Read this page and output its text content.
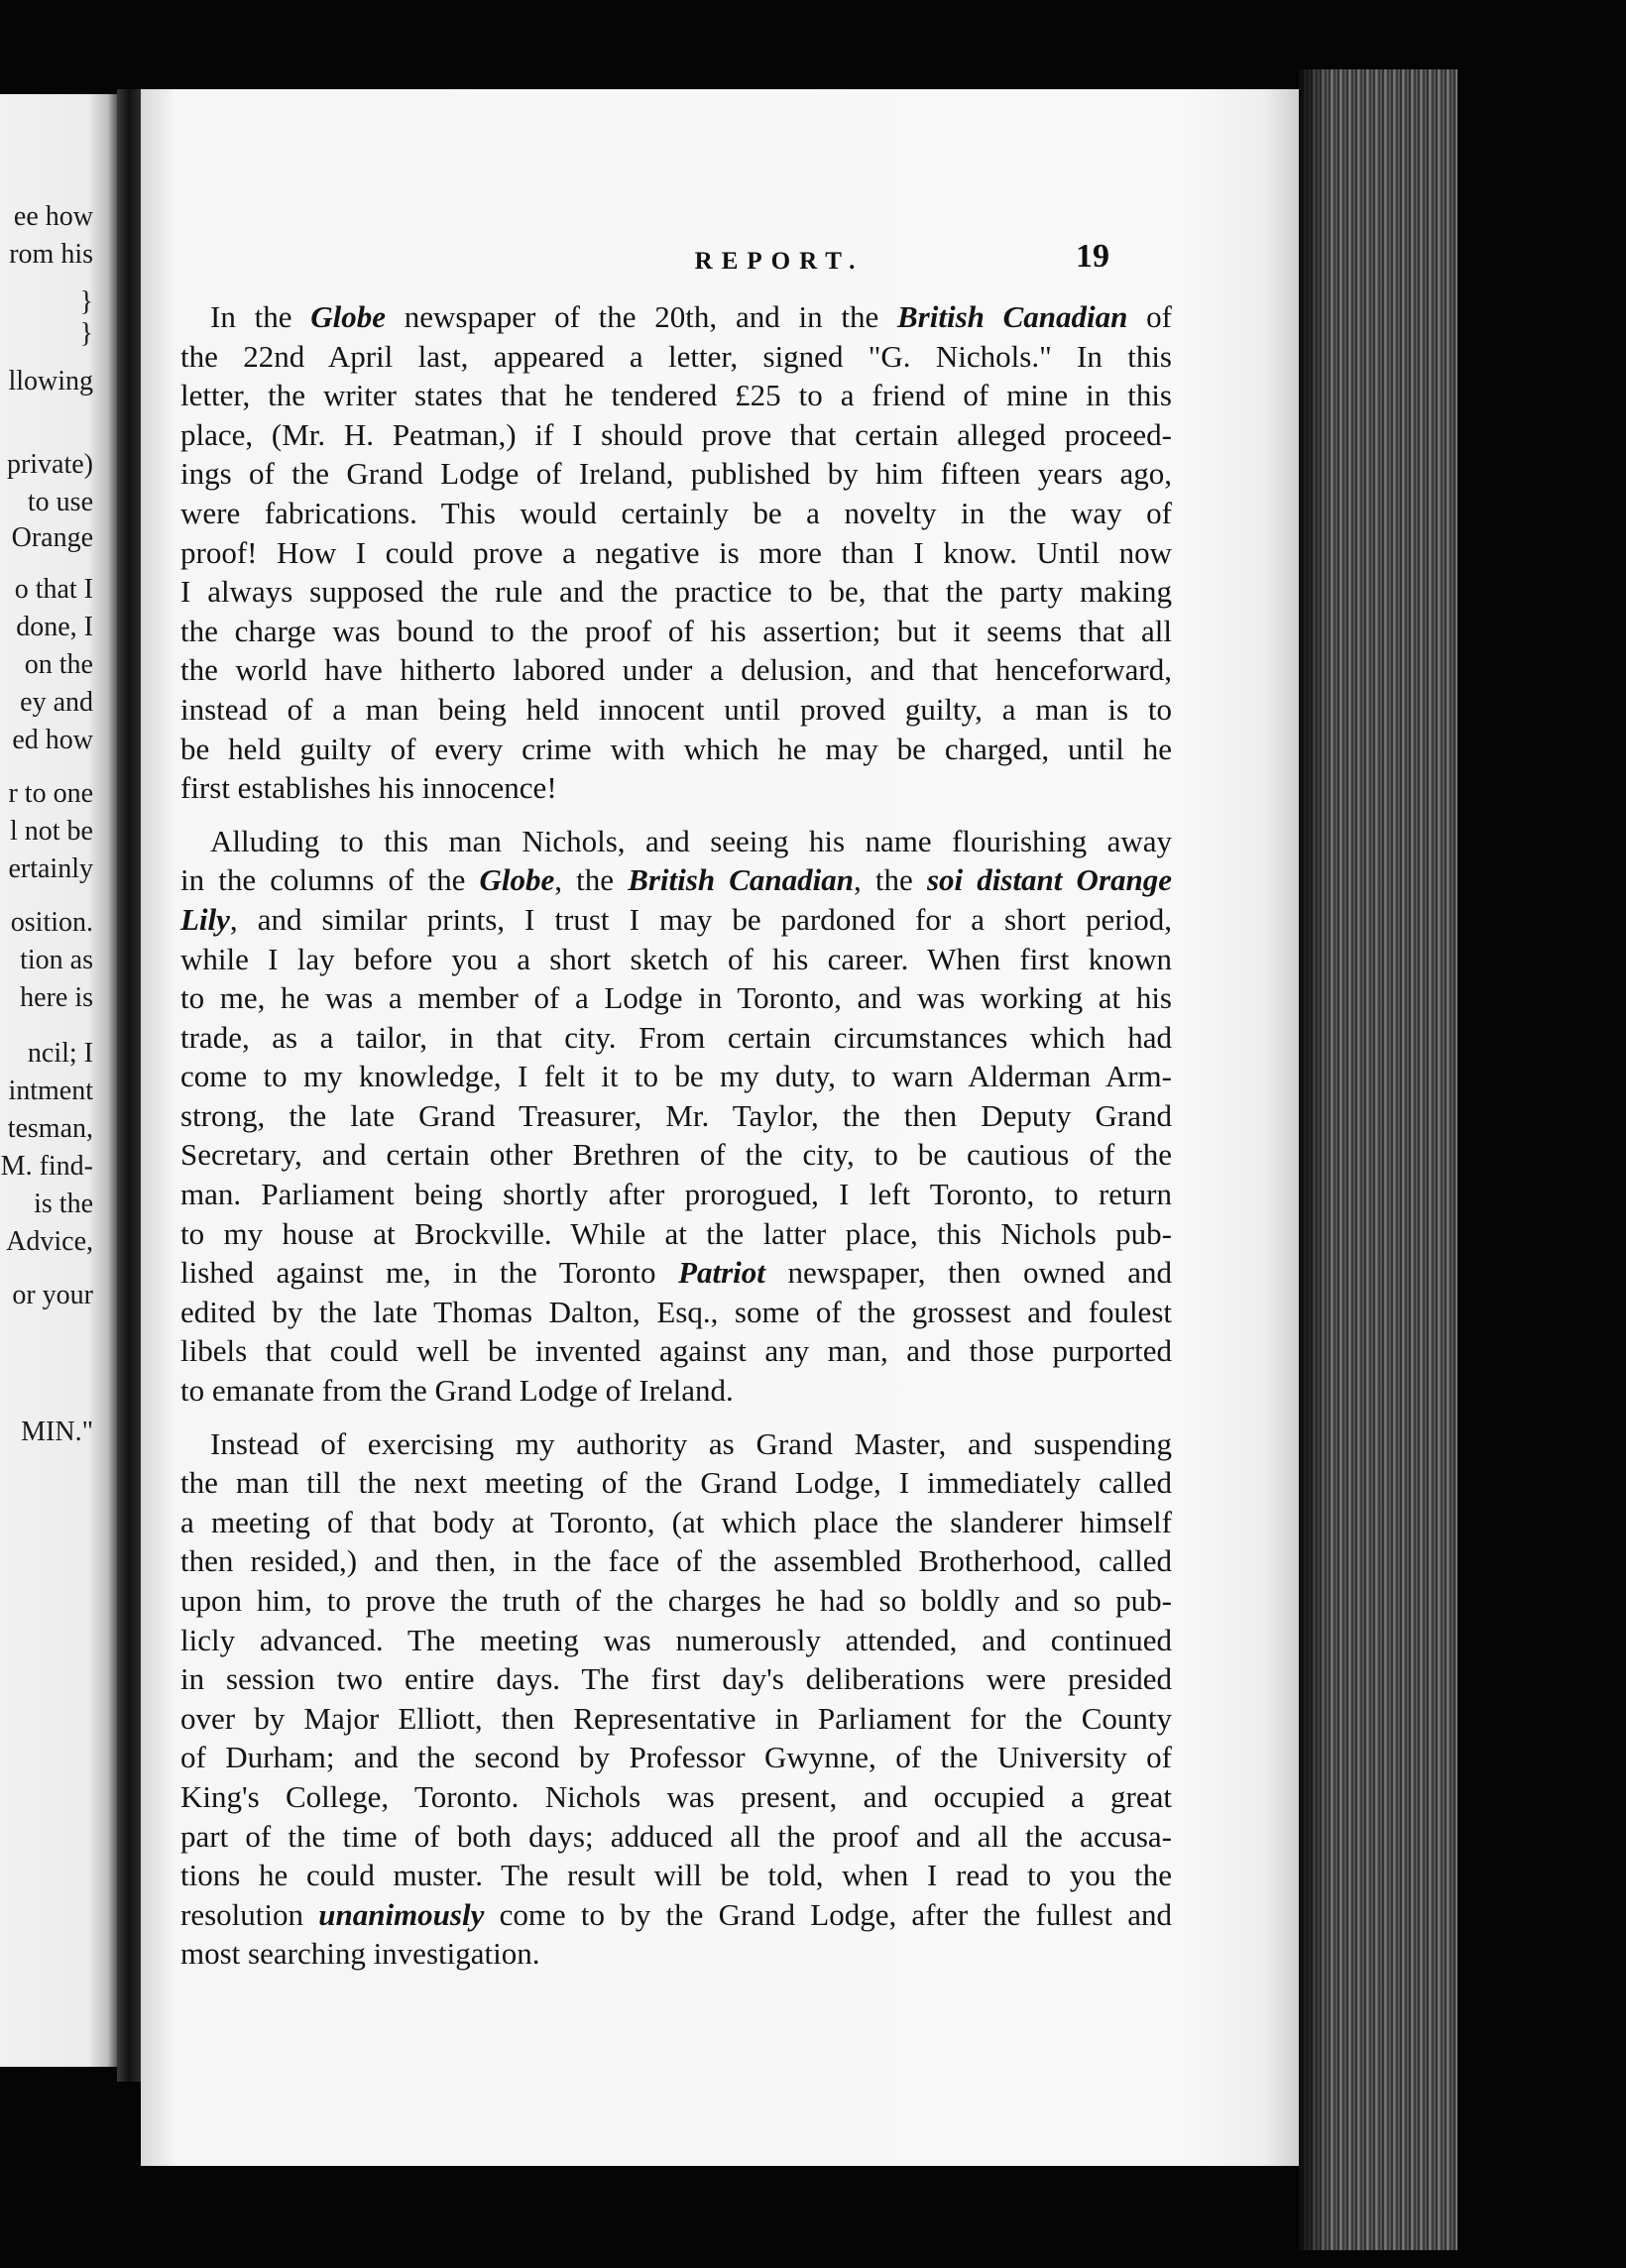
ee how
rom his
}
}
llowing
private)
to use
Orange
o that I
done, I
on the
ey and
ed how
r to one
l not be
ertainly
osition.
tion as
here is
ncil; I
intment
tesman,
M. find-
is the
Advice,
or your
MIN."
REPORT.	19
In the Globe newspaper of the 20th, and in the British Canadian of
the 22nd April last, appeared a letter, signed "G. Nichols." In this
letter, the writer states that he tendered £25 to a friend of mine in this
place, (Mr. H. Peatman,) if I should prove that certain alleged proceed-
ings of the Grand Lodge of Ireland, published by him fifteen years ago,
were fabrications. This would certainly be a novelty in the way of
proof! How I could prove a negative is more than I know. Until now
I always supposed the rule and the practice to be, that the party making
the charge was bound to the proof of his assertion; but it seems that all
the world have hitherto labored under a delusion, and that henceforward,
instead of a man being held innocent until proved guilty, a man is to
be held guilty of every crime with which he may be charged, until he
first establishes his innocence!
Alluding to this man Nichols, and seeing his name flourishing away
in the columns of the Globe, the British Canadian, the soi distant Orange
Lily, and similar prints, I trust I may be pardoned for a short period,
while I lay before you a short sketch of his career. When first known
to me, he was a member of a Lodge in Toronto, and was working at his
trade, as a tailor, in that city. From certain circumstances which had
come to my knowledge, I felt it to be my duty, to warn Alderman Arm-
strong, the late Grand Treasurer, Mr. Taylor, the then Deputy Grand
Secretary, and certain other Brethren of the city, to be cautious of the
man. Parliament being shortly after prorogued, I left Toronto, to return
to my house at Brockville. While at the latter place, this Nichols pub-
lished against me, in the Toronto Patriot newspaper, then owned and
edited by the late Thomas Dalton, Esq., some of the grossest and foulest
libels that could well be invented against any man, and those purported
to emanate from the Grand Lodge of Ireland.
Instead of exercising my authority as Grand Master, and suspending
the man till the next meeting of the Grand Lodge, I immediately called
a meeting of that body at Toronto, (at which place the slanderer himself
then resided,) and then, in the face of the assembled Brotherhood, called
upon him, to prove the truth of the charges he had so boldly and so pub-
licly advanced. The meeting was numerously attended, and continued
in session two entire days. The first day's deliberations were presided
over by Major Elliott, then Representative in Parliament for the County
of Durham; and the second by Professor Gwynne, of the University of
King's College, Toronto. Nichols was present, and occupied a great
part of the time of both days; adduced all the proof and all the accusa-
tions he could muster. The result will be told, when I read to you the
resolution unanimously come to by the Grand Lodge, after the fullest and
most searching investigation.
